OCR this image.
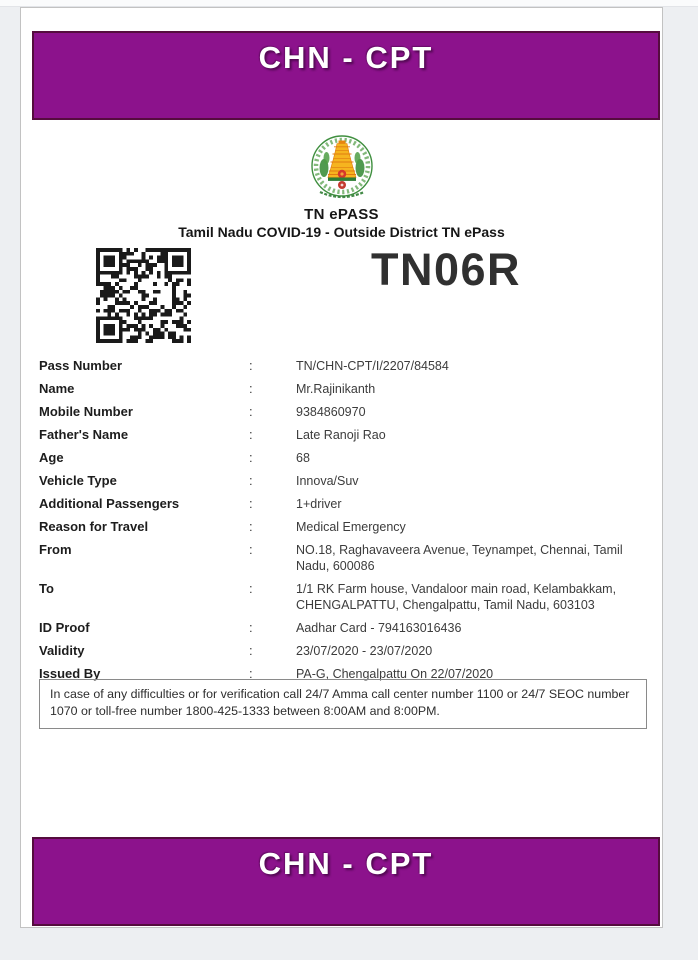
CHN - CPT
TN ePASS
Tamil Nadu COVID-19 - Outside District TN ePass
TN06R
Pass Number	:	TN/CHN-CPT/I/2207/84584
Name	:	Mr.Rajinikanth
Mobile Number	:	9384860970
Father's Name	:	Late Ranoji Rao
Age	:	68
Vehicle Type	:	Innova/Suv
Additional Passengers	:	1+driver
Reason for Travel	:	Medical Emergency
From	:	NO.18, Raghavaveera Avenue, Teynampet, Chennai, Tamil Nadu, 600086
To	:	1/1 RK Farm house, Vandaloor main road, Kelambakkam, CHENGALPATTU, Chengalpattu, Tamil Nadu, 603103
ID Proof	:	Aadhar Card - 794163016436
Validity	:	23/07/2020 - 23/07/2020
Issued By	:	PA-G, Chengalpattu On 22/07/2020
In case of any difficulties or for verification call 24/7 Amma call center number 1100 or 24/7 SEOC number 1070 or toll-free number 1800-425-1333 between 8:00AM and 8:00PM.
CHN - CPT
